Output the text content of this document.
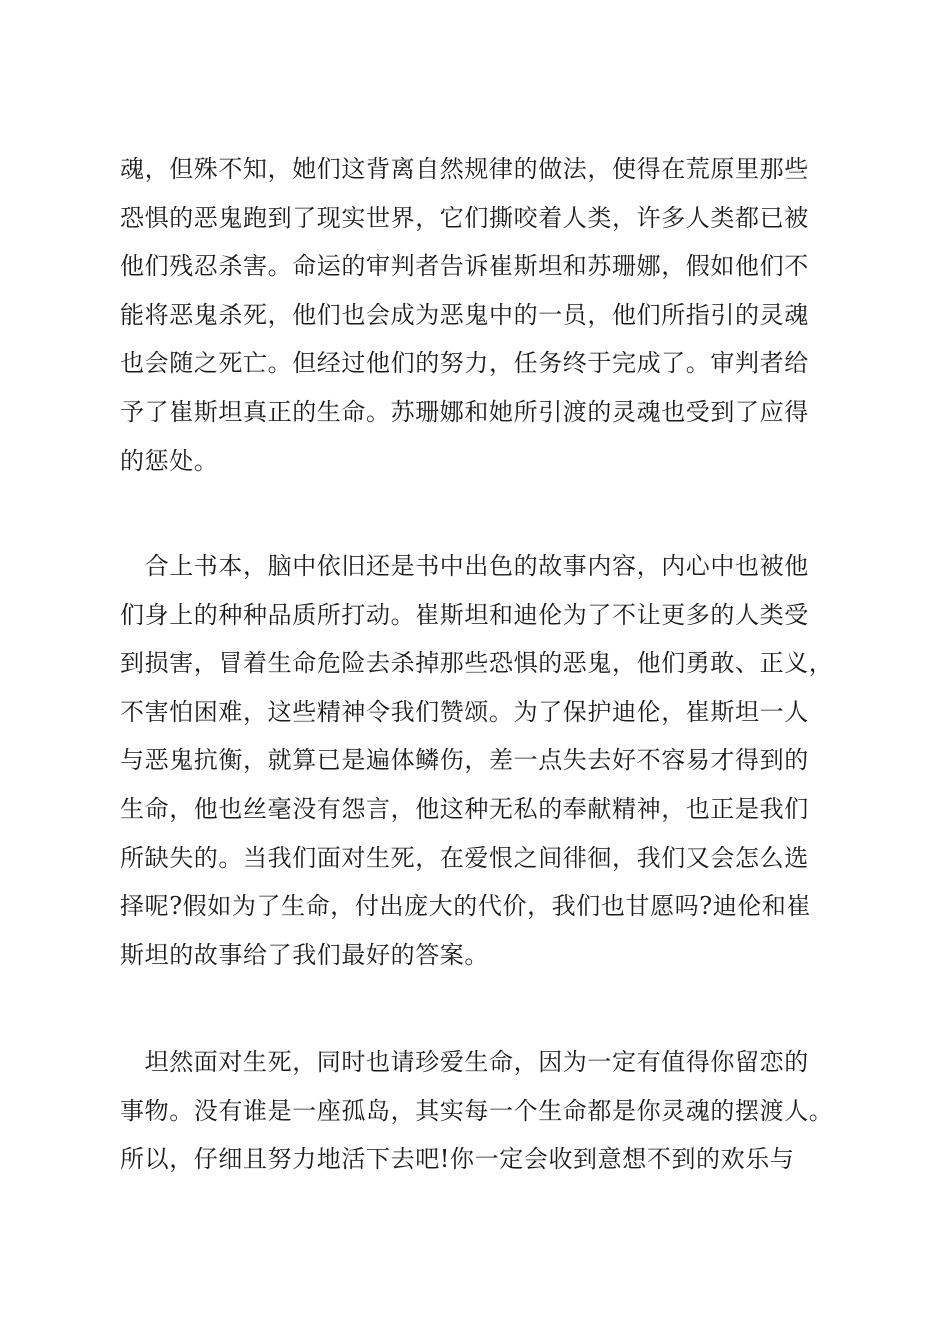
魂，但殊不知，她们这背离自然规律的做法，使得在荒原里那些
恐惧的恶鬼跑到了现实世界，它们撕咬着人类，许多人类都已被
他们残忍杀害。命运的审判者告诉崔斯坦和苏珊娜，假如他们不
能将恶鬼杀死，他们也会成为恶鬼中的一员，他们所指引的灵魂
也会随之死亡。但经过他们的努力，任务终于完成了。审判者给
予了崔斯坦真正的生命。苏珊娜和她所引渡的灵魂也受到了应得
的惩处。
　合上书本，脑中依旧还是书中出色的故事内容，内心中也被他
们身上的种种品质所打动。崔斯坦和迪伦为了不让更多的人类受
到损害，冒着生命危险去杀掉那些恐惧的恶鬼，他们勇敢、正义，
不害怕困难，这些精神令我们赞颂。为了保护迪伦，崔斯坦一人
与恶鬼抗衡，就算已是遍体鳞伤，差一点失去好不容易才得到的
生命，他也丝毫没有怨言，他这种无私的奉献精神，也正是我们
所缺失的。当我们面对生死，在爱恨之间徘徊，我们又会怎么选
择呢?假如为了生命，付出庞大的代价，我们也甘愿吗?迪伦和崔
斯坦的故事给了我们最好的答案。
　坦然面对生死，同时也请珍爱生命，因为一定有值得你留恋的
事物。没有谁是一座孤岛，其实每一个生命都是你灵魂的摆渡人。
所以，仔细且努力地活下去吧!你一定会收到意想不到的欢乐与
